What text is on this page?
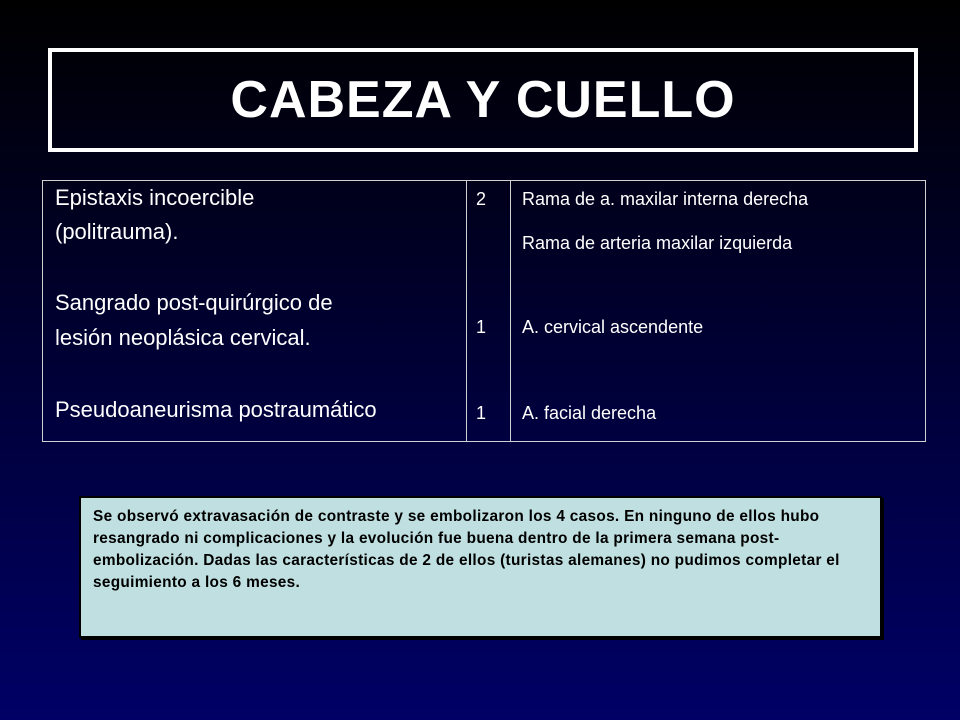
CABEZA Y CUELLO
Epistaxis incoercible
(politrauma).
Sangrado post-quirúrgico de
lesión neoplásica cervical.
Pseudoaneurisma postraumático
2
1
1
Rama de a. maxilar interna derecha
Rama de arteria maxilar izquierda
A. cervical ascendente
A. facial derecha
Se observó extravasación de contraste y se embolizaron los 4 casos. En ninguno de ellos hubo resangrado ni complicaciones y la evolución fue buena dentro de la primera semana post-embolización. Dadas las características de 2 de ellos (turistas alemanes) no pudimos completar el seguimiento a los 6 meses.
